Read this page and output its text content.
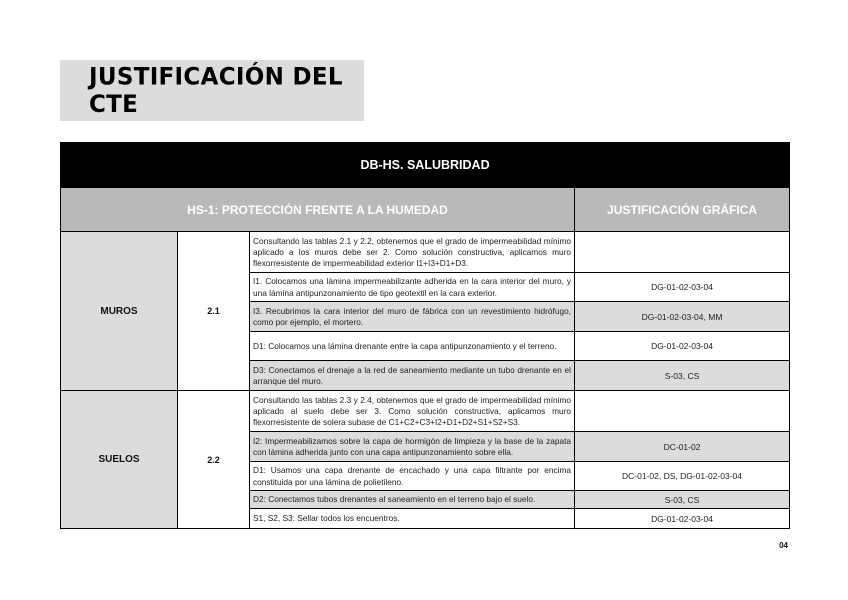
JUSTIFICACIÓN DEL CTE
DB-HS. SALUBRIDAD			
HS-1: PROTECCIÓN FRENTE A LA HUMEDAD			JUSTIFICACIÓN GRÁFICA
MUROS	2.1	Consultando las tablas 2.1 y 2.2, obtenemos que el grado de impermeabilidad mínimo aplicado a los muros debe ser 2. Como solución constructiva, aplicamos muro flexorresistente de impermeabilidad exterior I1+I3+D1+D3.	
		I1. Colocamos una lámina impermeabilizante adherida en la cara interior del muro, y una lámina antipunzonamiento de tipo geotextil en la cara exterior.	DG-01-02-03-04
		I3. Recubrimos la cara interior del muro de fábrica con un revestimiento hidrófugo, como por ejemplo, el mortero.	DG-01-02-03-04, MM
		D1: Colocamos una lámina drenante entre la capa antipunzonamiento y el terreno.	DG-01-02-03-04
		D3: Conectamos el drenaje a la red de saneamiento mediante un tubo drenante en el arranque del muro.	S-03, CS
SUELOS	2.2	Consultando las tablas 2.3 y 2.4, obtenemos que el grado de impermeabilidad mínimo aplicado al suelo debe ser 3. Como solución constructiva, aplicamos muro flexorresistente de solera subase de C1+C2+C3+I2+D1+D2+S1+S2+S3.	
		I2: Impermeabilizamos sobre la capa de hormigón de limpieza y la base de la zapata con lámina adherida junto con una capa antipunzonamiento sobre ella.	DC-01-02
		D1: Usamos una capa drenante de encachado y una capa filtrante por encima constituida por una lámina de polietileno.	DC-01-02, DS, DG-01-02-03-04
		D2: Conectamos tubos drenantes al saneamiento en el terreno bajo el suelo.	S-03, CS
		S1, S2, S3: Sellar todos los encuentros.	DG-01-02-03-04
04
